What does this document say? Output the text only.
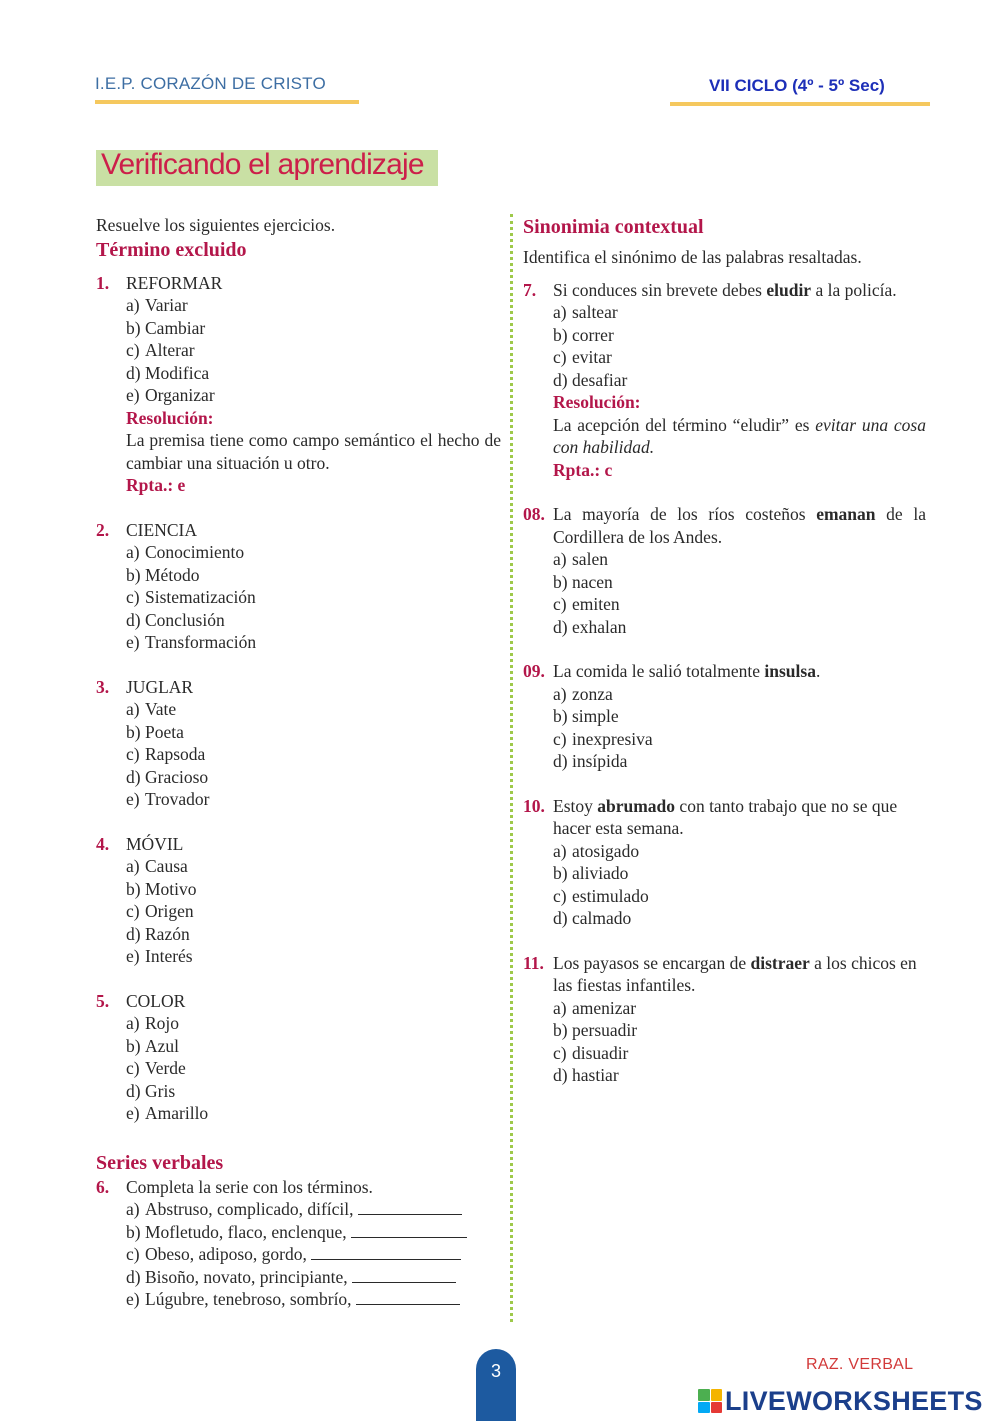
I.E.P. CORAZÓN DE CRISTO	VII CICLO (4º - 5º Sec)
Verificando el aprendizaje

Resuelve los siguientes ejercicios.

Término excluido

1. REFORMAR
a) Variar
b) Cambiar
c) Alterar
d) Modifica
e) Organizar
Resolución:
La premisa tiene como campo semántico el hecho de cambiar una situación u otro.
Rpta.: e
2. CIENCIA
a) Conocimiento
b) Método
c) Sistematización
d) Conclusión
e) Transformación
3. JUGLAR
a) Vate
b) Poeta
c) Rapsoda
d) Gracioso
e) Trovador
4. MÓVIL
a) Causa
b) Motivo
c) Origen
d) Razón
e) Interés
5. COLOR
a) Rojo
b) Azul
c) Verde
d) Gris
e) Amarillo

Series verbales

6. Completa la serie con los términos.
a) Abstruso, complicado, difícil,
b) Mofletudo, flaco, enclenque,
c) Obeso, adiposo, gordo,
d) Bisoño, novato, principiante,
e) Lúgubre, tenebroso, sombrío,

Sinonimia contextual

Identifica el sinónimo de las palabras resaltadas.

7. Si conduces sin brevete debes eludir a la policía.
a) saltear
b) correr
c) evitar
d) desafiar
Resolución:
La acepción del término “eludir” es evitar una cosa con habilidad.
Rpta.: c
08. La mayoría de los ríos costeños emanan de la Cordillera de los Andes.
a) salen
b) nacen
c) emiten
d) exhalan
09. La comida le salió totalmente insulsa.
a) zonza
b) simple
c) inexpresiva
d) insípida
10. Estoy abrumado con tanto trabajo que no se que hacer esta semana.
a) atosigado
b) aliviado
c) estimulado
d) calmado
11. Los payasos se encargan de distraer a los chicos en las fiestas infantiles.
a) amenizar
b) persuadir
c) disuadir
d) hastiar
3	RAZ. VERBAL
LIVEWORKSHEETS
